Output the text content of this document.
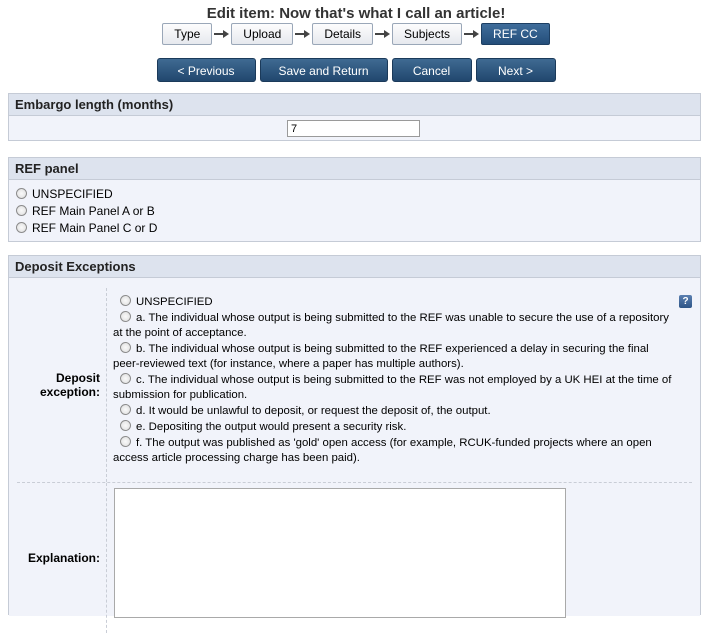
Edit item: Now that's what I call an article!
Type	Upload	Details	Subjects	REF CC
< Previous	Save and Return	Cancel	Next >
Embargo length (months)
7
REF panel
UNSPECIFIED
REF Main Panel A or B
REF Main Panel C or D
Deposit Exceptions
Deposit exception:
?
UNSPECIFIED
a. The individual whose output is being submitted to the REF was unable to secure the use of a repository at the point of acceptance.
b. The individual whose output is being submitted to the REF experienced a delay in securing the final peer-reviewed text (for instance, where a paper has multiple authors).
c. The individual whose output is being submitted to the REF was not employed by a UK HEI at the time of submission for publication.
d. It would be unlawful to deposit, or request the deposit of, the output.
e. Depositing the output would present a security risk.
f. The output was published as 'gold' open access (for example, RCUK-funded projects where an open access article processing charge has been paid).
Explanation:
